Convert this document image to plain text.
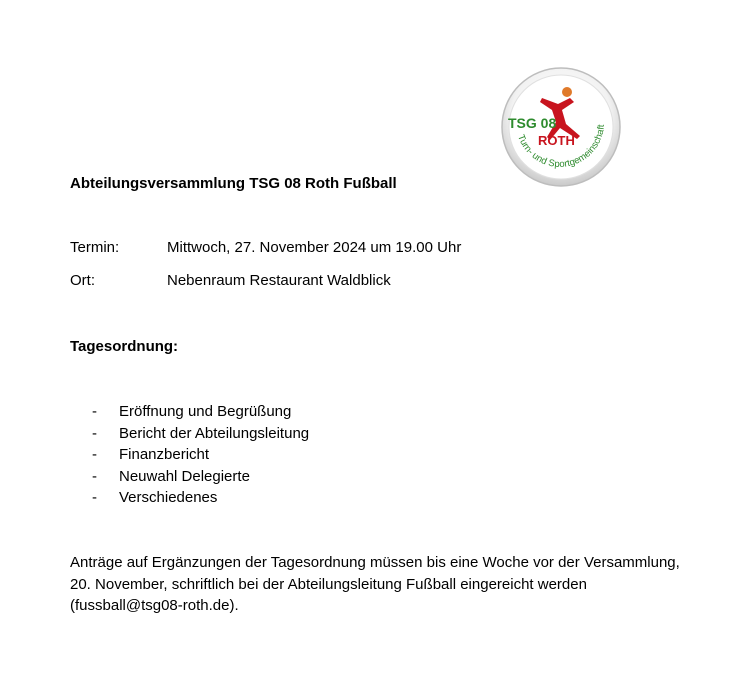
TSG 08
ROTH
Turn- und Sportgemeinschaft
Abteilungsversammlung TSG 08 Roth Fußball
Termin:	Mittwoch, 27. November 2024 um 19.00 Uhr
Ort:	Nebenraum Restaurant Waldblick
Tagesordnung:
- Eröffnung und Begrüßung
- Bericht der Abteilungsleitung
- Finanzbericht
- Neuwahl Delegierte
- Verschiedenes

Anträge auf Ergänzungen der Tagesordnung müssen bis eine Woche vor der Versammlung,

20. November, schriftlich bei der Abteilungsleitung Fußball eingereicht werden

(fussball@tsg08-roth.de).
